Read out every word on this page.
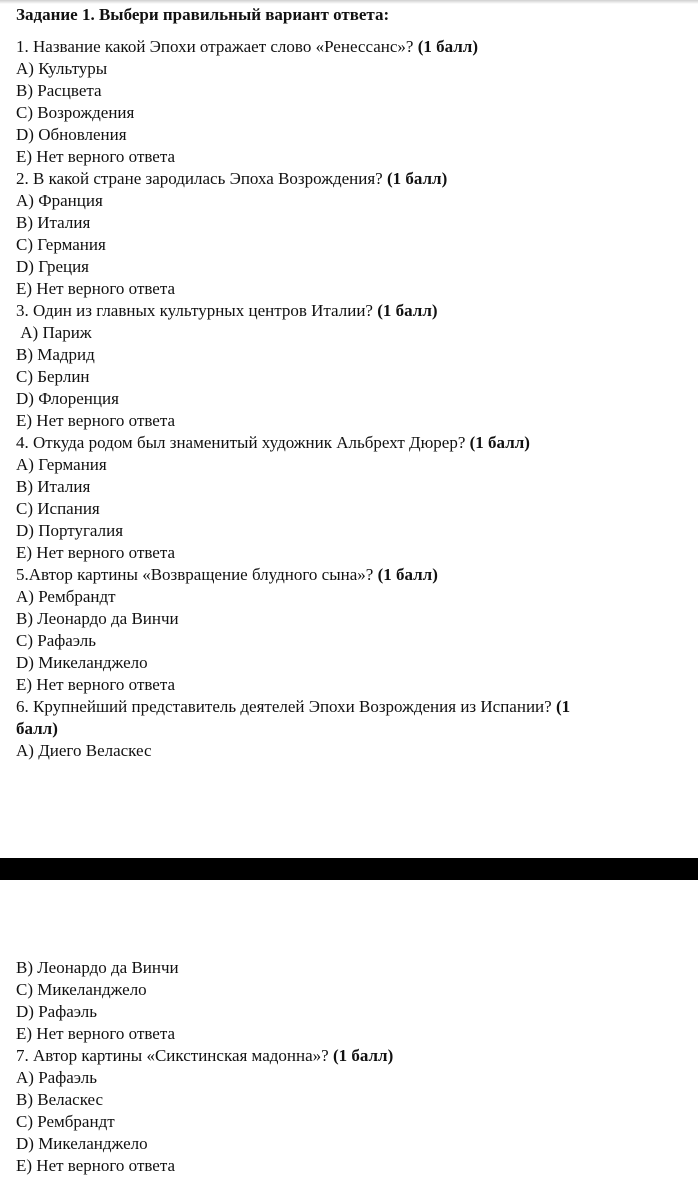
Задание 1. Выбери правильный вариант ответа:
1. Название какой Эпохи отражает слово «Ренессанс»? (1 балл)
А) Культуры
В) Расцвета
С) Возрождения
D) Обновления
Е) Нет верного ответа
2. В какой стране зародилась Эпоха Возрождения? (1 балл)
А) Франция
В) Италия
С) Германия
D) Греция
Е) Нет верного ответа
3. Один из главных культурных центров Италии? (1 балл)
А) Париж
В) Мадрид
С) Берлин
D) Флоренция
Е) Нет верного ответа
4. Откуда родом был знаменитый художник Альбрехт Дюрер? (1 балл)
А) Германия
В) Италия
С) Испания
D) Португалия
Е) Нет верного ответа
5.Автор картины «Возвращение блудного сына»? (1 балл)
А) Рембрандт
В) Леонардо да Винчи
С) Рафаэль
D) Микеланджело
Е) Нет верного ответа
6. Крупнейший представитель деятелей Эпохи Возрождения из Испании? (1
балл)
А) Диего Веласкес
В) Леонардо да Винчи
С) Микеланджело
D) Рафаэль
Е) Нет верного ответа
7. Автор картины «Сикстинская мадонна»? (1 балл)
А) Рафаэль
В) Веласкес
С) Рембрандт
D) Микеланджело
Е) Нет верного ответа
